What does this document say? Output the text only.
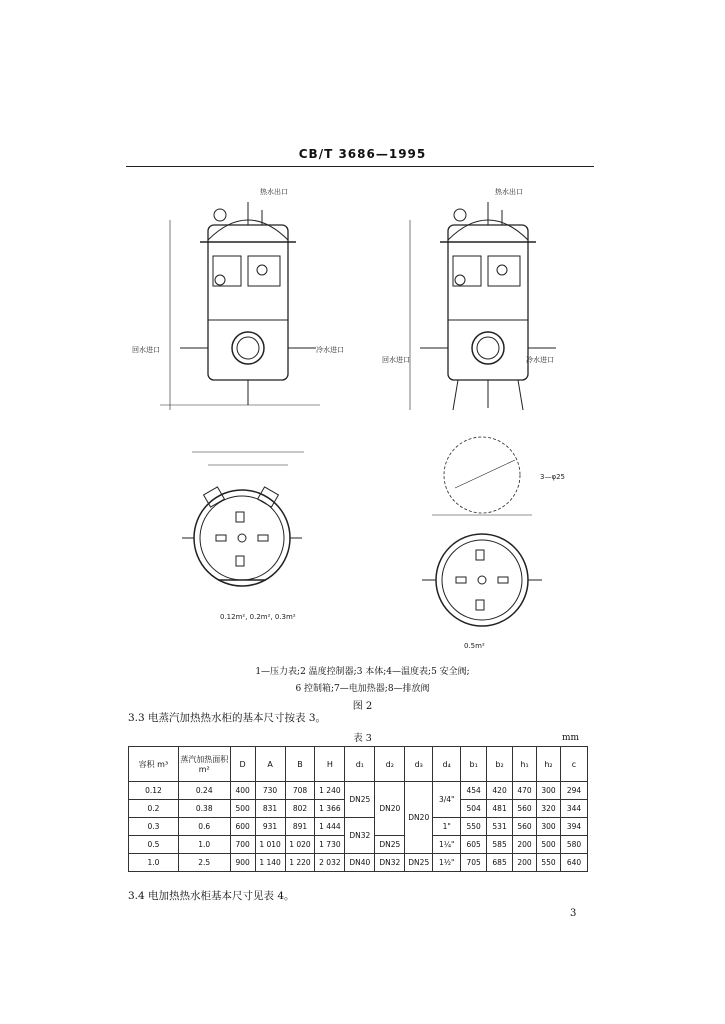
CB/T 3686—1995
热水出口
回水进口	冷水进口
热水出口
回水进口	冷水进口
0.12m², 0.2m², 0.3m²
3—φ25
0.5m²
1—压力表;2 温度控制器;3 本体;4—温度表;5 安全阀;
6 控制箱;7—电加热器;8—排放阀
图 2
3.3 电蒸汽加热热水柜的基本尺寸按表 3。
表 3	mm
容积 m³	蒸汽加热面积 m²	D	A	B	H	d₁	d₂	d₃	d₄	b₁	b₂	h₁	h₂	c
0.12	0.24	400	730	708	1 240	DN25	DN20	DN20	3/4"	454	420	470	300	294
0.2	0.38	500	831	802	1 366					504	481	560	320	344
0.3	0.6	600	931	891	1 444	DN32			1"	550	531	560	300	394
0.5	1.0	700	1 010	1 020	1 730		DN25		1¼"	605	585	200	500	580
1.0	2.5	900	1 140	1 220	2 032	DN40	DN32	DN25	1½"	705	685	200	550	640
3.4 电加热热水柜基本尺寸见表 4。
3
